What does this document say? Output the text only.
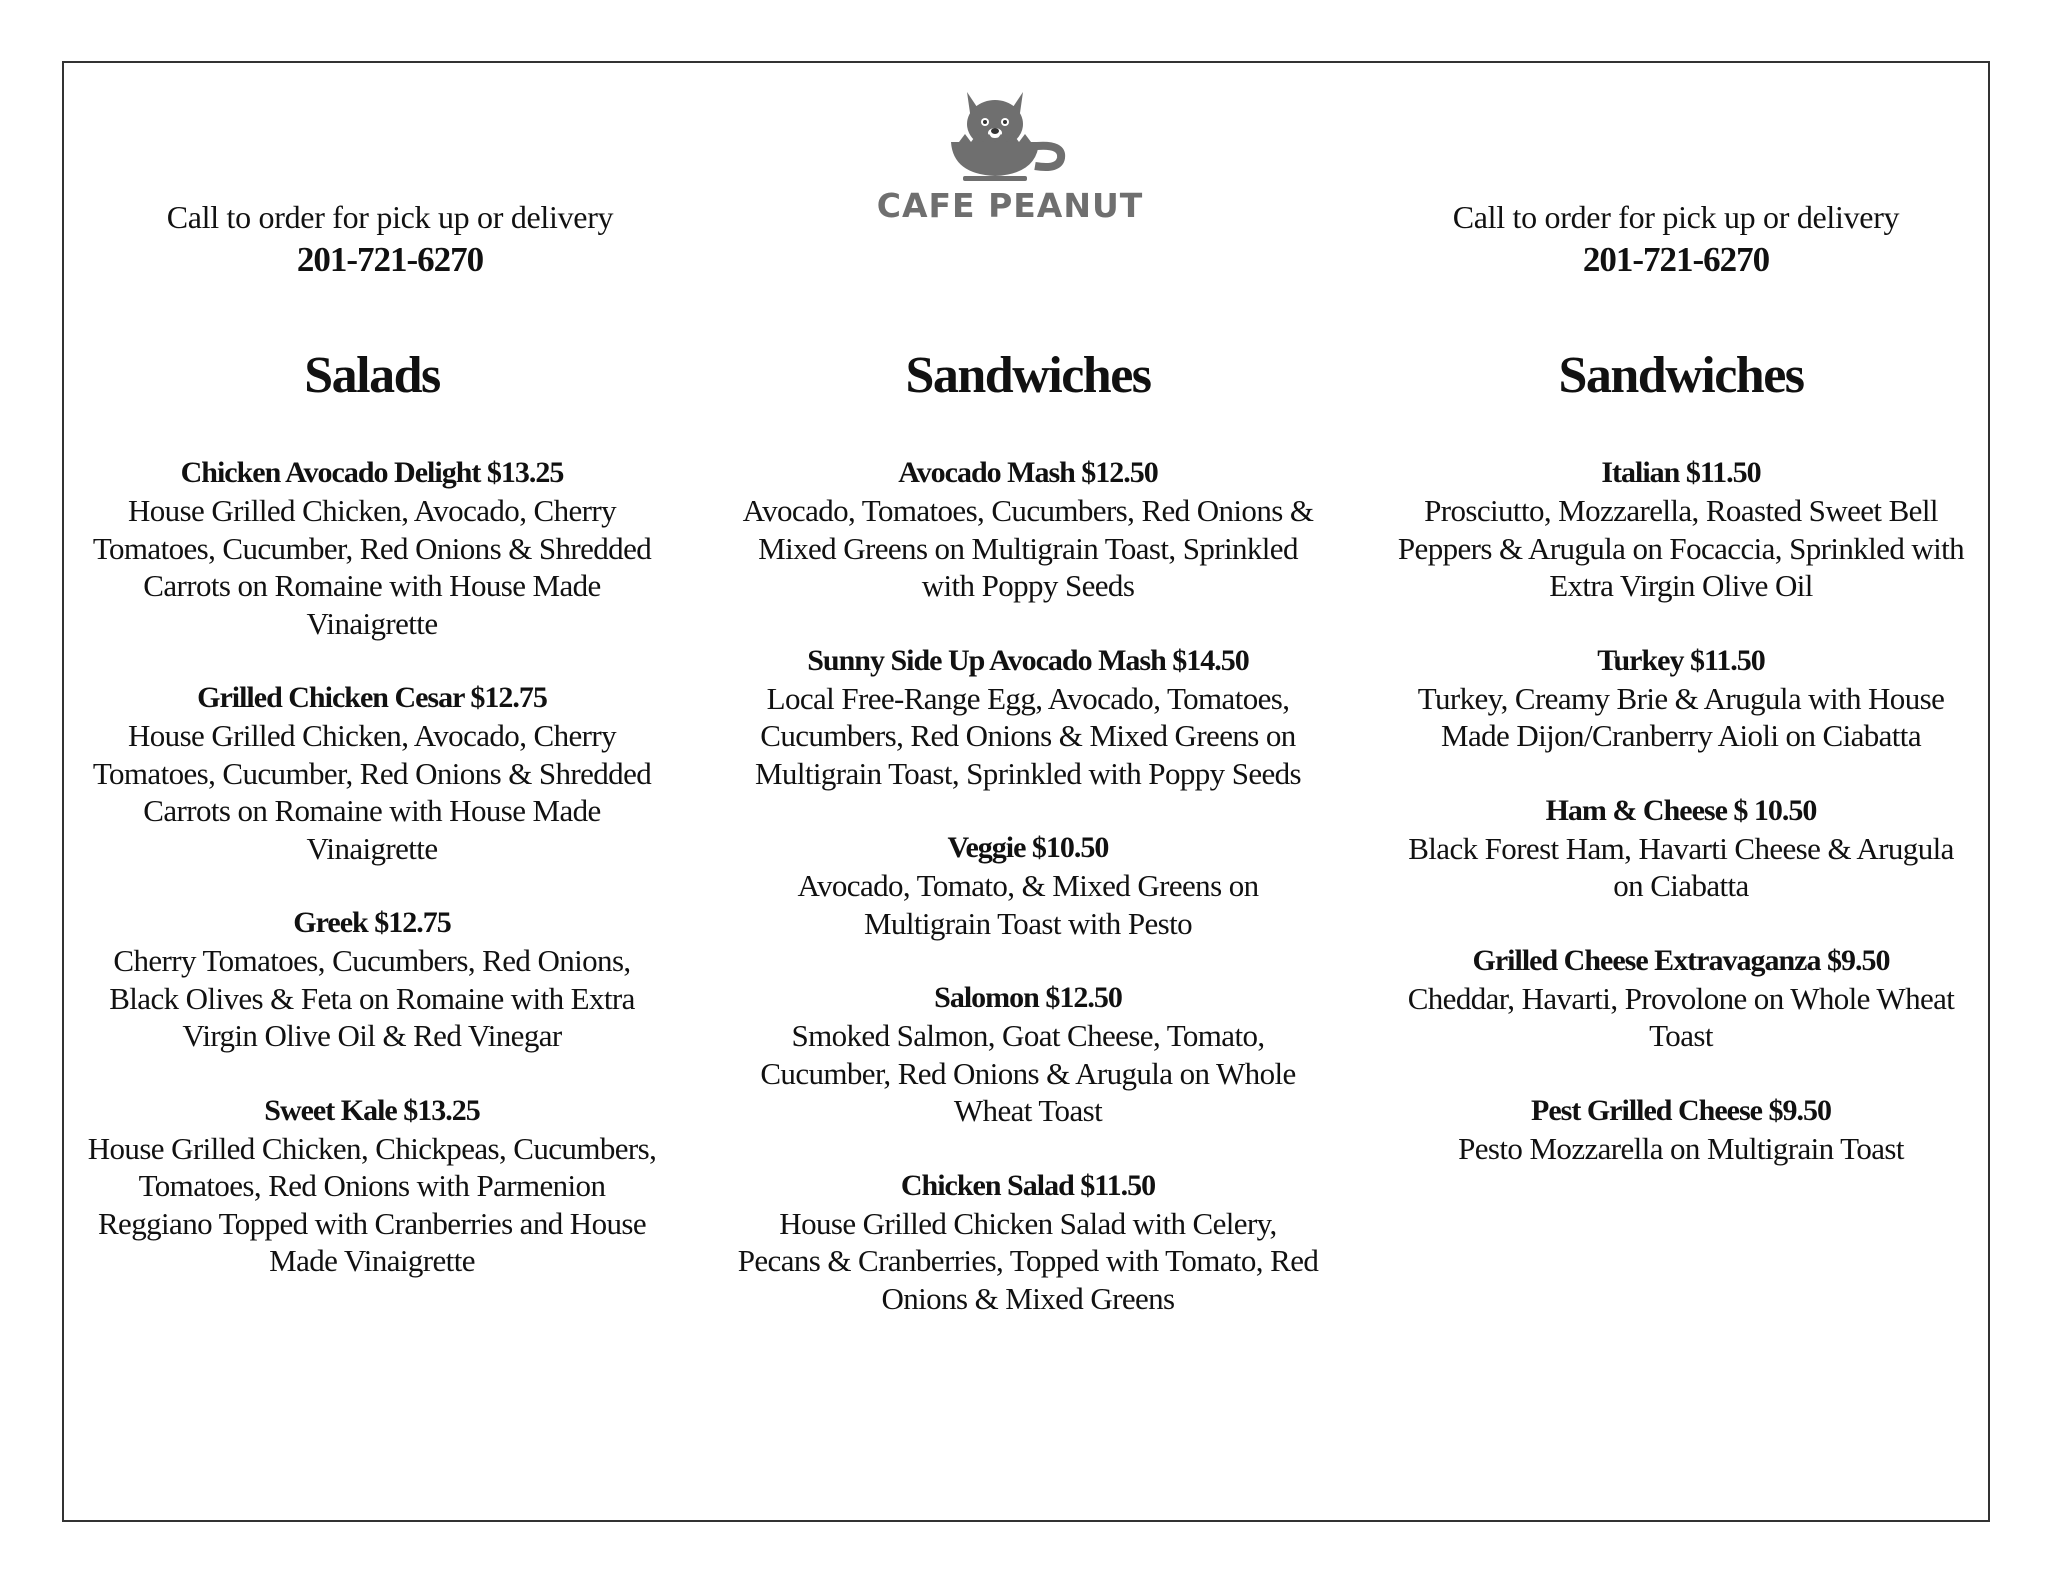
Call to order for pick up or delivery
201-721-6270
CAFE PEANUT	Call to order for pick up or delivery
201-721-6270
Salads
Chicken Avocado Delight $13.25
House Grilled Chicken, Avocado, Cherry Tomatoes, Cucumber, Red Onions & Shredded Carrots on Romaine with House Made Vinaigrette
Grilled Chicken Cesar $12.75
House Grilled Chicken, Avocado, Cherry Tomatoes, Cucumber, Red Onions & Shredded Carrots on Romaine with House Made Vinaigrette
Greek $12.75
Cherry Tomatoes, Cucumbers, Red Onions, Black Olives & Feta on Romaine with Extra Virgin Olive Oil & Red Vinegar
Sweet Kale $13.25
House Grilled Chicken, Chickpeas, Cucumbers, Tomatoes, Red Onions with Parmenion Reggiano Topped with Cranberries and House Made Vinaigrette
Sandwiches
Avocado Mash $12.50
Avocado, Tomatoes, Cucumbers, Red Onions & Mixed Greens on Multigrain Toast, Sprinkled with Poppy Seeds
Sunny Side Up Avocado Mash $14.50
Local Free-Range Egg, Avocado, Tomatoes, Cucumbers, Red Onions & Mixed Greens on Multigrain Toast, Sprinkled with Poppy Seeds
Veggie $10.50
Avocado, Tomato, & Mixed Greens on Multigrain Toast with Pesto
Salomon $12.50
Smoked Salmon, Goat Cheese, Tomato, Cucumber, Red Onions & Arugula on Whole Wheat Toast
Chicken Salad $11.50
House Grilled Chicken Salad with Celery, Pecans & Cranberries, Topped with Tomato, Red Onions & Mixed Greens
Sandwiches
Italian $11.50
Prosciutto, Mozzarella, Roasted Sweet Bell Peppers & Arugula on Focaccia, Sprinkled with Extra Virgin Olive Oil
Turkey $11.50
Turkey, Creamy Brie & Arugula with House Made Dijon/Cranberry Aioli on Ciabatta
Ham & Cheese $ 10.50
Black Forest Ham, Havarti Cheese & Arugula on Ciabatta
Grilled Cheese Extravaganza $9.50
Cheddar, Havarti, Provolone on Whole Wheat Toast
Pest Grilled Cheese $9.50
Pesto Mozzarella on Multigrain Toast
